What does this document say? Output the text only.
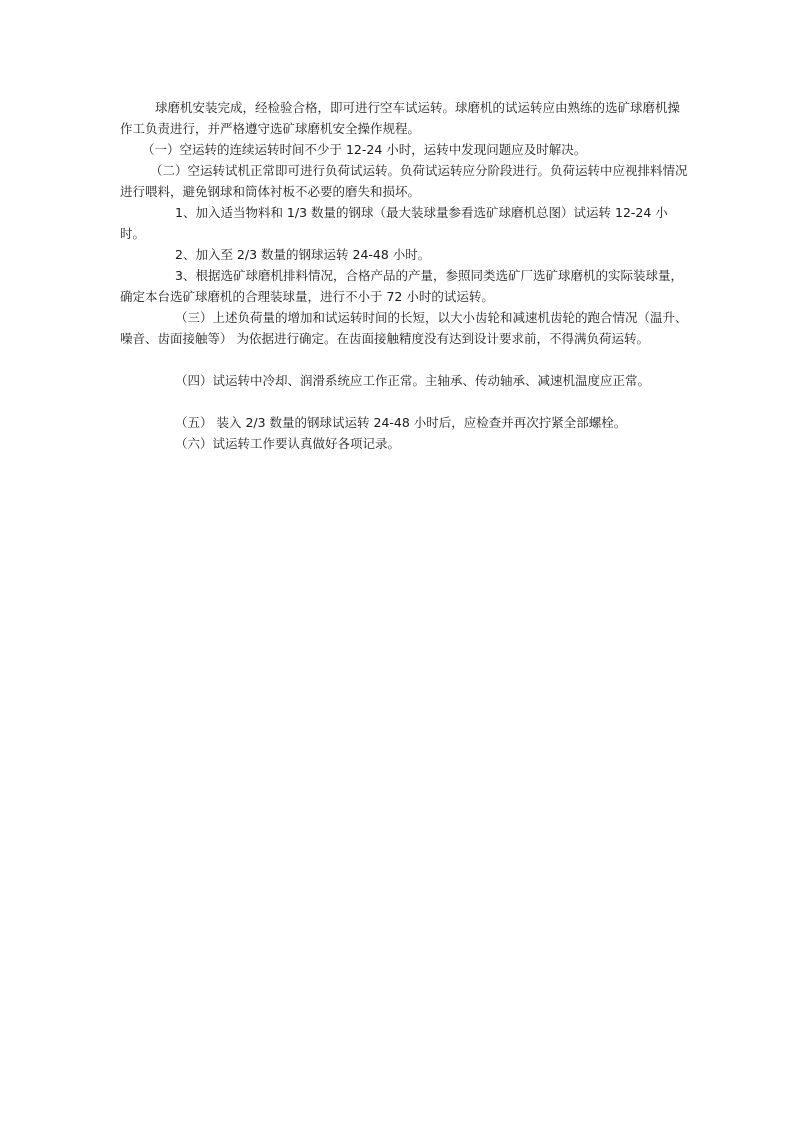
球磨机安装完成，经检验合格，即可进行空车试运转。球磨机的试运转应由熟练的选矿球磨机操作工负责进行，并严格遵守选矿球磨机安全操作规程。

（一）空运转的连续运转时间不少于 12-24 小时，运转中发现问题应及时解决。

（二）空运转试机正常即可进行负荷试运转。负荷试运转应分阶段进行。负荷运转中应视排料情况进行喂料，避免钢球和筒体衬板不必要的磨失和损坏。

1、加入适当物料和 1/3 数量的钢球（最大装球量参看选矿球磨机总图）试运转 12-24 小时。

2、加入至 2/3 数量的钢球运转 24-48 小时。

3、根据选矿球磨机排料情况，合格产品的产量，参照同类选矿厂选矿球磨机的实际装球量，确定本台选矿球磨机的合理装球量，进行不小于 72 小时的试运转。

（三）上述负荷量的增加和试运转时间的长短，以大小齿轮和减速机齿轮的跑合情况（温升、噪音、齿面接触等） 为依据进行确定。在齿面接触精度没有达到设计要求前，不得满负荷运转。

（四）试运转中冷却、润滑系统应工作正常。主轴承、传动轴承、减速机温度应正常。

（五） 装入 2/3 数量的钢球试运转 24-48 小时后，应检查并再次拧紧全部螺栓。

（六）试运转工作要认真做好各项记录。
